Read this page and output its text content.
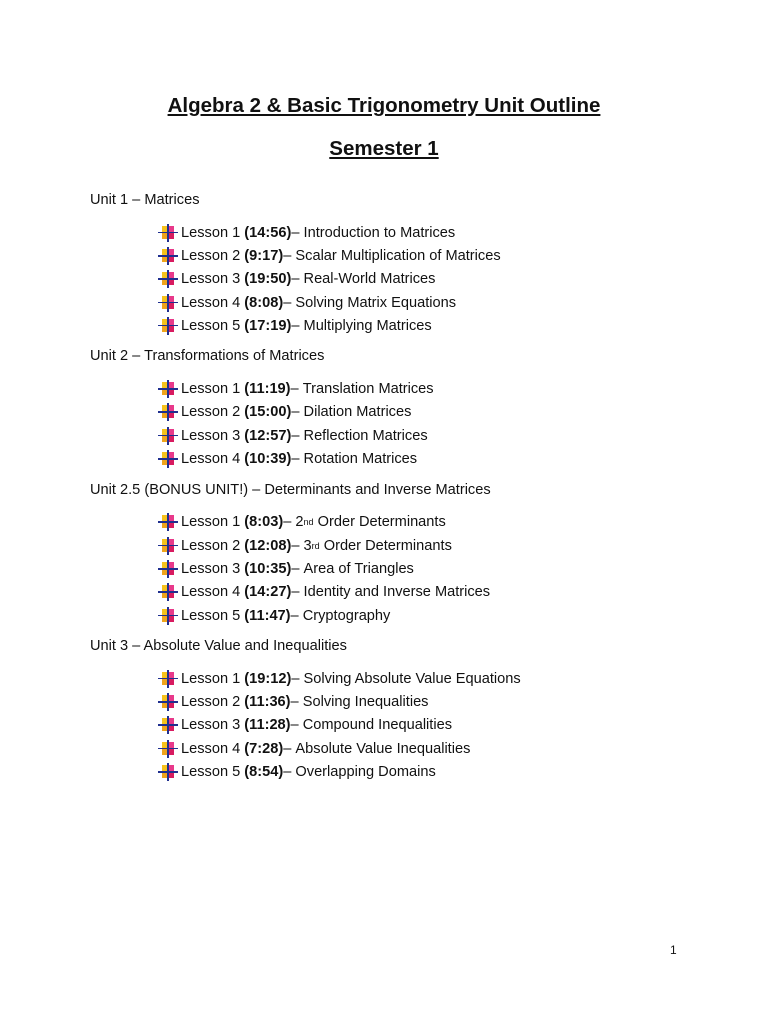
Algebra 2 & Basic Trigonometry Unit Outline
Semester 1
Unit 1 – Matrices
Lesson 1
(14:56) –
Introduction to Matrices
Lesson 2
(9:17) –
Scalar Multiplication of Matrices
Lesson 3
(19:50) –
Real-World Matrices
Lesson 4
(8:08) –
Solving Matrix Equations
Lesson 5
(17:19) –
Multiplying Matrices
Unit 2 – Transformations of Matrices
Lesson 1
(11:19) –
Translation Matrices
Lesson 2
(15:00) –
Dilation Matrices
Lesson 3
(12:57) –
Reflection Matrices
Lesson 4
(10:39) –
Rotation Matrices
Unit 2.5 (BONUS UNIT!) – Determinants and Inverse Matrices
Lesson 1
(8:03) –
2 nd
Order Determinants
Lesson 2
(12:08) –
3 rd
Order Determinants
Lesson 3
(10:35) –
Area of Triangles
Lesson 4
(14:27) –
Identity and Inverse Matrices
Lesson 5
(11:47) –
Cryptography
Unit 3 – Absolute Value and Inequalities
Lesson 1
(19:12) –
Solving Absolute Value Equations
Lesson 2
(11:36) –
Solving Inequalities
Lesson 3
(11:28) –
Compound Inequalities
Lesson 4
(7:28) –
Absolute Value Inequalities
Lesson 5
(8:54) –
Overlapping Domains
1
